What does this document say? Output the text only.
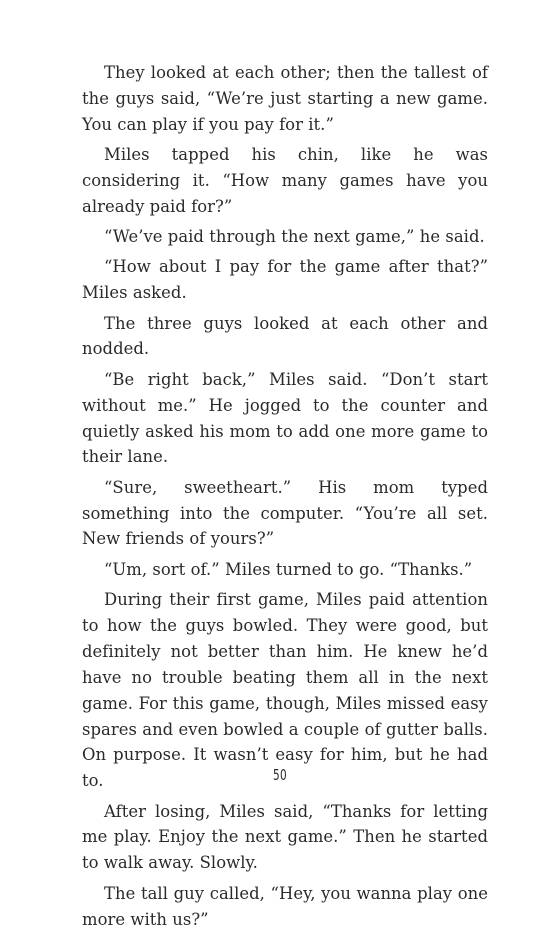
They looked at each other; then the tallest of the guys said, “We’re just starting a new game. You can play if you pay for it.”

Miles tapped his chin, like he was considering it. “How many games have you already paid for?”

“We’ve paid through the next game,” he said.

“How about I pay for the game after that?” Miles asked.

The three guys looked at each other and nodded.

“Be right back,” Miles said. “Don’t start without me.” He jogged to the counter and quietly asked his mom to add one more game to their lane.

“Sure, sweetheart.” His mom typed something into the computer. “You’re all set. New friends of yours?”

“Um, sort of.” Miles turned to go. “Thanks.”

During their first game, Miles paid attention to how the guys bowled. They were good, but definitely not better than him. He knew he’d have no trouble beating them all in the next game. For this game, though, Miles missed easy spares and even bowled a couple of gutter balls. On purpose. It wasn’t easy for him, but he had to.

After losing, Miles said, “Thanks for letting me play. Enjoy the next game.” Then he started to walk away. Slowly.

The tall guy called, “Hey, you wanna play one more with us?”

50
